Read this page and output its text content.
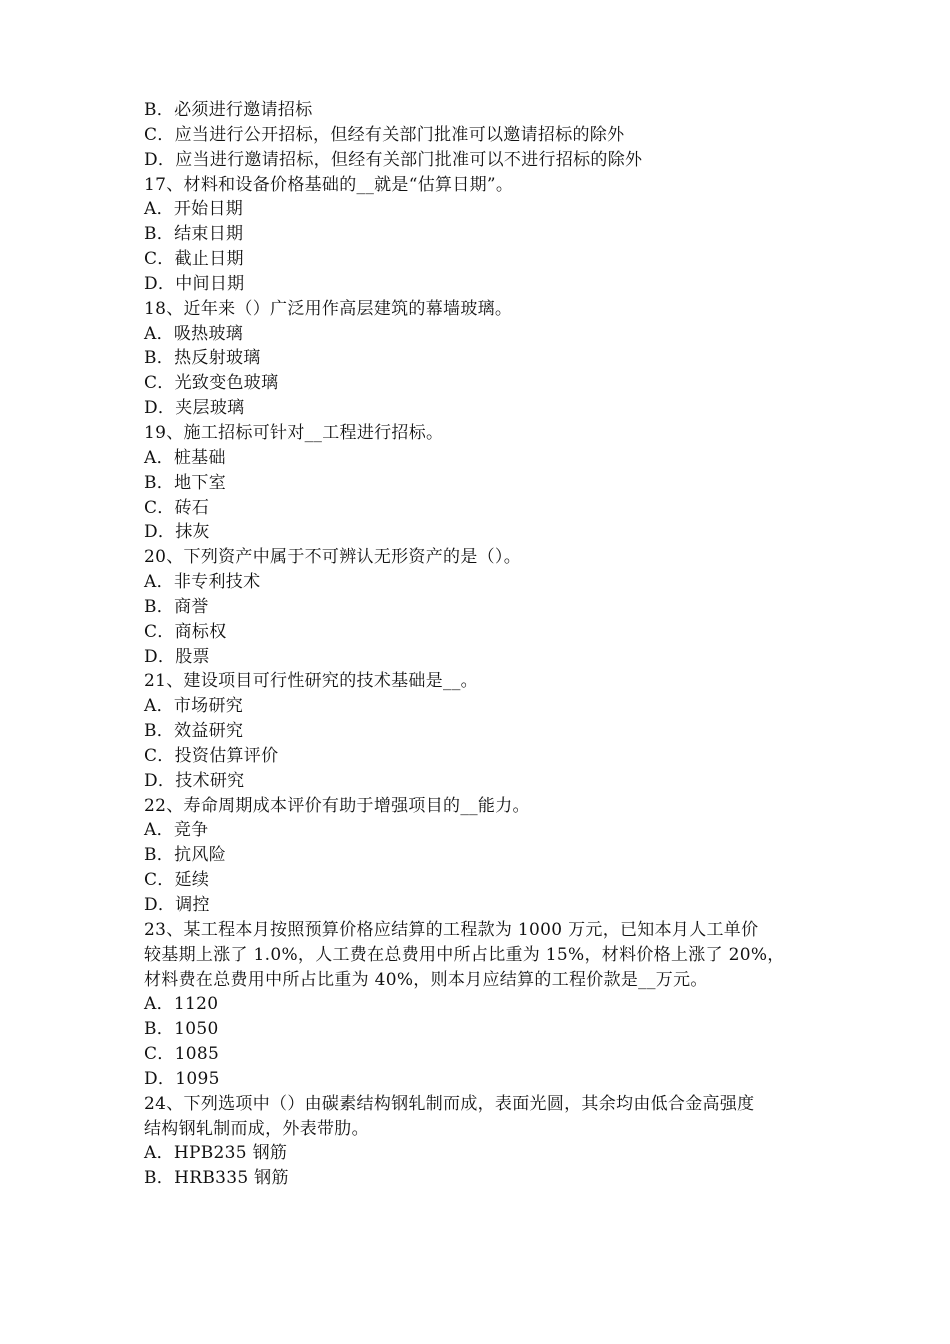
B．必须进行邀请招标
C．应当进行公开招标，但经有关部门批准可以邀请招标的除外
D．应当进行邀请招标，但经有关部门批准可以不进行招标的除外
17、材料和设备价格基础的__就是“估算日期”。
A．开始日期
B．结束日期
C．截止日期
D．中间日期
18、近年来（）广泛用作高层建筑的幕墙玻璃。
A．吸热玻璃
B．热反射玻璃
C．光致变色玻璃
D．夹层玻璃
19、施工招标可针对__工程进行招标。
A．桩基础
B．地下室
C．砖石
D．抹灰
20、下列资产中属于不可辨认无形资产的是（）。
A．非专利技术
B．商誉
C．商标权
D．股票
21、建设项目可行性研究的技术基础是__。
A．市场研究
B．效益研究
C．投资估算评价
D．技术研究
22、寿命周期成本评价有助于增强项目的__能力。
A．竞争
B．抗风险
C．延续
D．调控
23、某工程本月按照预算价格应结算的工程款为 1000 万元，已知本月人工单价
较基期上涨了 1.0%，人工费在总费用中所占比重为 15%，材料价格上涨了 20%，
材料费在总费用中所占比重为 40%，则本月应结算的工程价款是__万元。
A．1120
B．1050
C．1085
D．1095
24、下列选项中（）由碳素结构钢轧制而成，表面光圆，其余均由低合金高强度
结构钢轧制而成，外表带肋。
A．HPB235 钢筋
B．HRB335 钢筋
